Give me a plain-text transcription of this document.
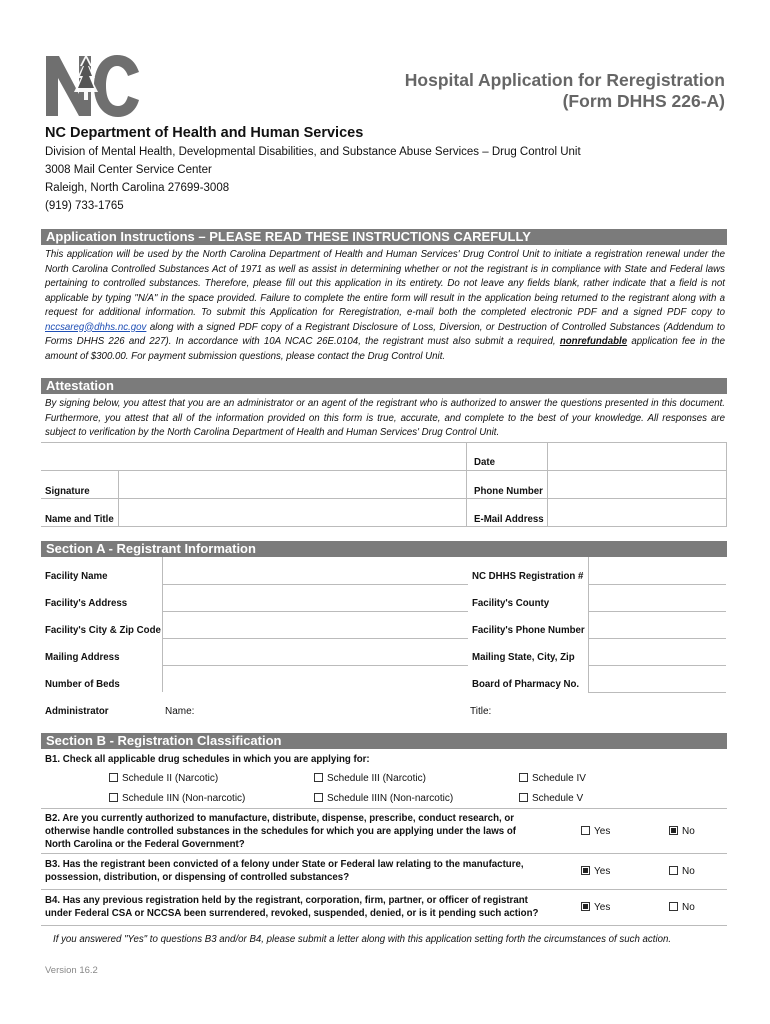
Hospital Application for Reregistration
(Form DHHS 226-A)
NC Department of Health and Human Services
Division of Mental Health, Developmental Disabilities, and Substance Abuse Services – Drug Control Unit
3008 Mail Center Service Center
Raleigh, North Carolina 27699-3008
(919) 733-1765
Application Instructions – PLEASE READ THESE INSTRUCTIONS CAREFULLY
This application will be used by the North Carolina Department of Health and Human Services' Drug Control Unit to initiate a registration renewal under the North Carolina Controlled Substances Act of 1971 as well as assist in determining whether or not the registrant is in compliance with State and Federal laws pertaining to controlled substances. Therefore, please fill out this application in its entirety. Do not leave any fields blank, rather indicate that a field is not applicable by typing "N/A" in the space provided. Failure to complete the entire form will result in the application being returned to the registrant along with a request for additional information. To submit this Application for Reregistration, e-mail both the completed electronic PDF and a signed PDF copy to nccsareg@dhhs.nc.gov along with a signed PDF copy of a Registrant Disclosure of Loss, Diversion, or Destruction of Controlled Substances (Addendum to Forms DHHS 226 and 227). In accordance with 10A NCAC 26E.0104, the registrant must also submit a required, nonrefundable application fee in the amount of $300.00. For payment submission questions, please contact the Drug Control Unit.
Attestation
By signing below, you attest that you are an administrator or an agent of the registrant who is authorized to answer the questions presented in this document. Furthermore, you attest that all of the information provided on this form is true, accurate, and complete to the best of your knowledge. All responses are subject to verification by the North Carolina Department of Health and Human Services' Drug Control Unit.
Date
Signature	Phone Number
Name and Title	E-Mail Address
Section A - Registrant Information
Facility Name	NC DHHS Registration #
Facility's Address	Facility's County
Facility's City & Zip Code	Facility's Phone Number
Mailing Address	Mailing State, City, Zip
Number of Beds	Board of Pharmacy No.
Administrator	Name:	Title:
Section B - Registration Classification
B1. Check all applicable drug schedules in which you are applying for:
Schedule II (Narcotic)	Schedule III (Narcotic)	Schedule IV
Schedule IIN (Non-narcotic)	Schedule IIIN (Non-narcotic)	Schedule V
B2. Are you currently authorized to manufacture, distribute, dispense, prescribe, conduct research, or otherwise handle controlled substances in the schedules for which you are applying under the laws of North Carolina or the Federal Government?
Yes	No
B3. Has the registrant been convicted of a felony under State or Federal law relating to the manufacture, possession, distribution, or dispensing of controlled substances?
Yes	No
B4. Has any previous registration held by the registrant, corporation, firm, partner, or officer of registrant under Federal CSA or NCCSA been surrendered, revoked, suspended, denied, or is it pending such action?
Yes	No
If you answered "Yes" to questions B3 and/or B4, please submit a letter along with this application setting forth the circumstances of such action.
Version 16.2
